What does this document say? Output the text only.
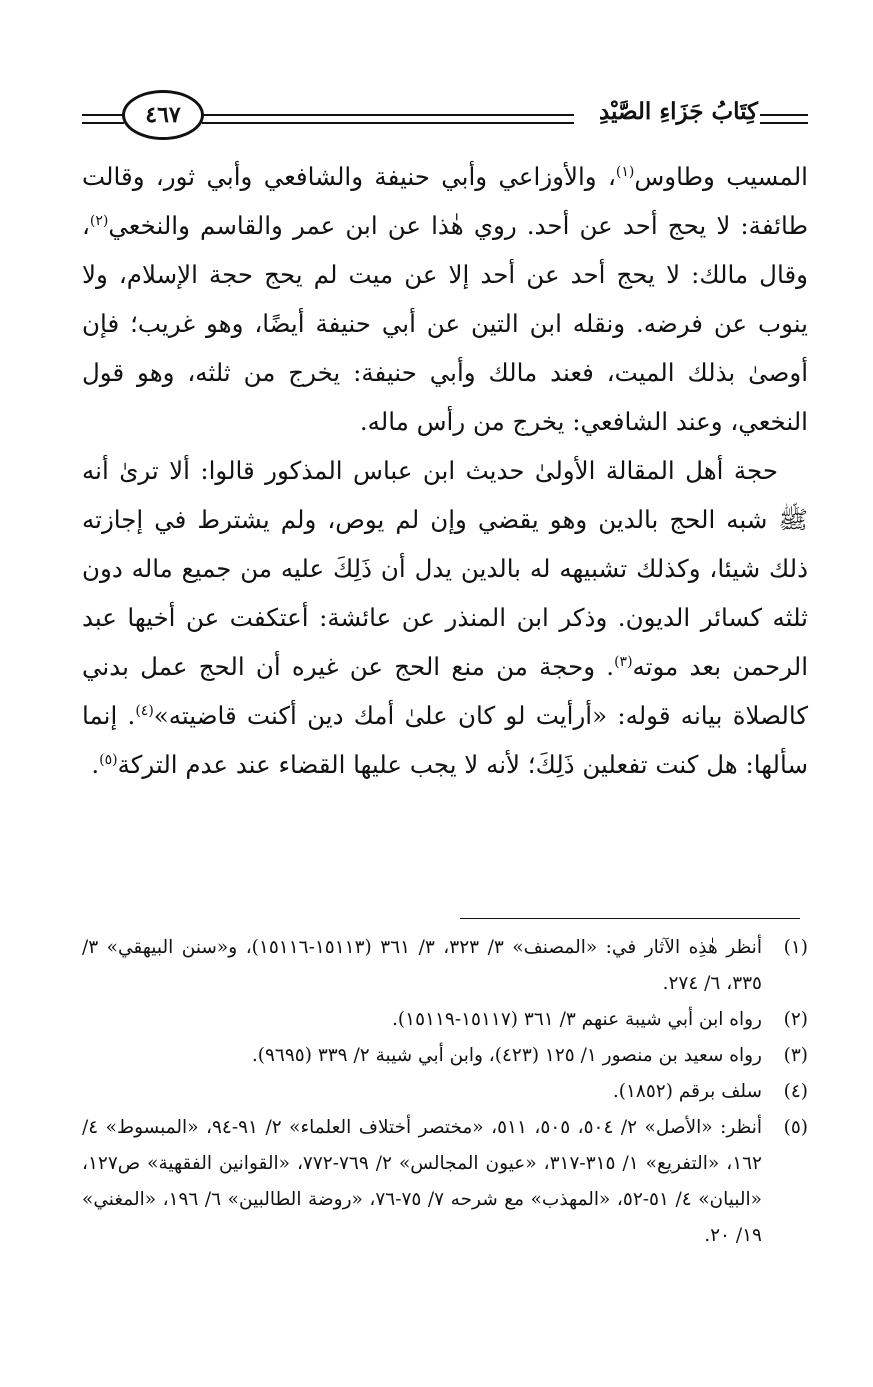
كِتَابُ جَزَاءِ الصَّيْدِ
٤٦٧

المسيب وطاوس$^{(١)}$، والأوزاعي وأبي حنيفة والشافعي وأبي ثور، وقالت طائفة: لا يحج أحد عن أحد. روي هٰذا عن ابن عمر والقاسم والنخعي$^{(٢)}$، وقال مالك: لا يحج أحد عن أحد إلا عن ميت لم يحج حجة الإسلام، ولا ينوب عن فرضه. ونقله ابن التين عن أبي حنيفة أيضًا، وهو غريب؛ فإن أوصىٰ بذلك الميت، فعند مالك وأبي حنيفة: يخرج من ثلثه، وهو قول النخعي، وعند الشافعي: يخرج من رأس ماله.

حجة أهل المقالة الأولىٰ حديث ابن عباس المذكور قالوا: ألا ترىٰ أنه ﷺ شبه الحج بالدين وهو يقضي وإن لم يوص، ولم يشترط في إجازته ذلك شيئا، وكذلك تشبيهه له بالدين يدل أن ذَلِكَ عليه من جميع ماله دون ثلثه كسائر الديون. وذكر ابن المنذر عن عائشة: أعتكفت عن أخيها عبد الرحمن بعد موته$^{(٣)}$. وحجة من منع الحج عن غيره أن الحج عمل بدني كالصلاة بيانه قوله: «أرأيت لو كان علىٰ أمك دين أكنت قاضيته»$^{(٤)}$. إنما سألها: هل كنت تفعلين ذَلِكَ؛ لأنه لا يجب عليها القضاء عند عدم التركة$^{(٥)}$.

(١)
أنظر هٰذِه الآثار في: «المصنف» ٣/ ٣٢٣، ٣/ ٣٦١ (١٥١١٣-١٥١١٦)، و«سنن البيهقي» ٣/ ٣٣٥، ٦/ ٢٧٤.
(٢)
رواه ابن أبي شيبة عنهم ٣/ ٣٦١ (١٥١١٧-١٥١١٩).
(٣)
رواه سعيد بن منصور ١/ ١٢٥ (٤٢٣)، وابن أبي شيبة ٢/ ٣٣٩ (٩٦٩٥).
(٤)
سلف برقم (١٨٥٢).
(٥)
أنظر: «الأصل» ٢/ ٥٠٤، ٥٠٥، ٥١١، «مختصر أختلاف العلماء» ٢/ ٩١-٩٤، «المبسوط» ٤/ ١٦٢، «التفريع» ١/ ٣١٥-٣١٧، «عيون المجالس» ٢/ ٧٦٩-٧٧٢، «القوانين الفقهية» ص١٢٧، «البيان» ٤/ ٥١-٥٢، «المهذب» مع شرحه ٧/ ٧٥-٧٦، «روضة الطالبين» ٦/ ١٩٦، «المغني» ١٩/ ٢٠.
